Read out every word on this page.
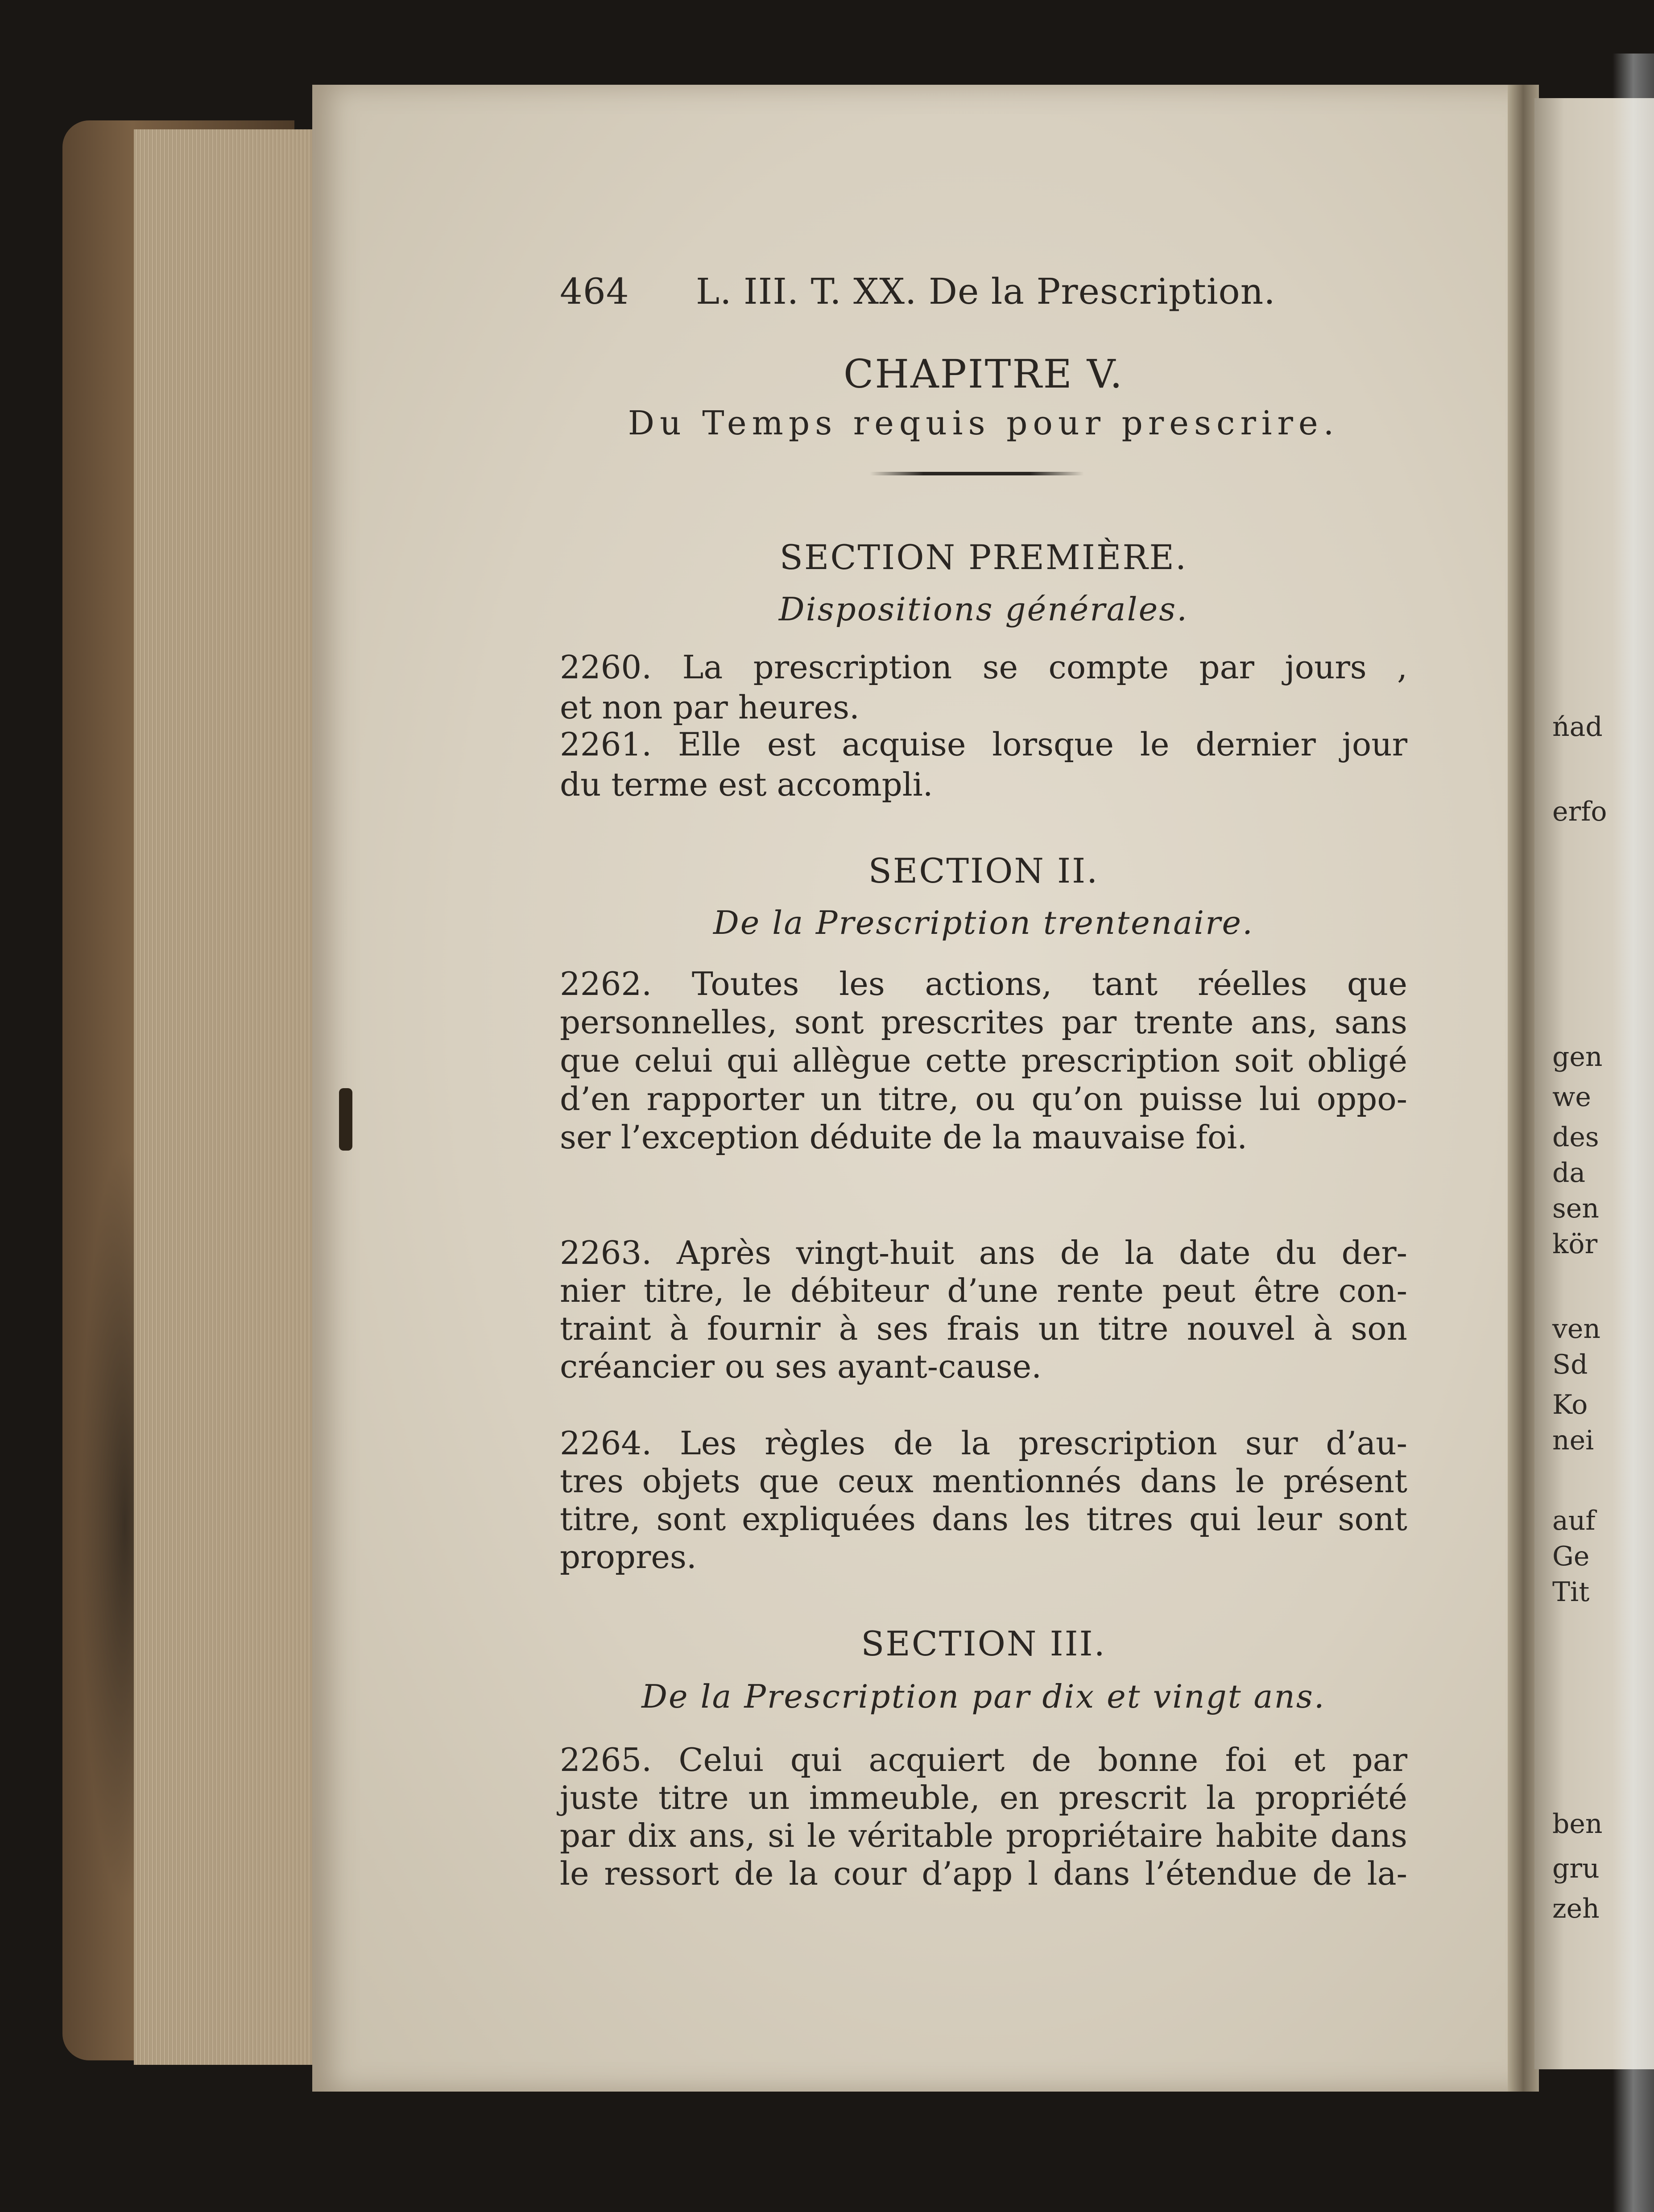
ńad
erfo
gen
we
des
da
sen
kör
ven
Sd
Ko
nei
auf
Ge
Tit
ben
gru
zeh
464 L. III. T. XX. De la Prescription.
CHAPITRE V.
Du Temps requis pour prescrire.
SECTION PREMIÈRE.
Dispositions générales.
SECTION II.
De la Prescription trentenaire.
SECTION III.
De la Prescription par dix et vingt ans.
2260. La prescription se compte par jours ,
et non par heures.
2261. Elle est acquise lorsque le dernier jour
du terme est accompli.
2262. Toutes les actions, tant réelles que
personnelles, sont prescrites par trente ans, sans
que celui qui allègue cette prescription soit obligé
d’en rapporter un titre, ou qu’on puisse lui oppo-
ser l’exception déduite de la mauvaise foi.
2263. Après vingt-huit ans de la date du der-
nier titre, le débiteur d’une rente peut être con-
traint à fournir à ses frais un titre nouvel à son
créancier ou ses ayant-cause.
2264. Les règles de la prescription sur d’au-
tres objets que ceux mentionnés dans le présent
titre, sont expliquées dans les titres qui leur sont
propres.
2265. Celui qui acquiert de bonne foi et par
juste titre un immeuble, en prescrit la propriété
par dix ans, si le véritable propriétaire habite dans
le ressort de la cour d’app l dans l’étendue de la-
